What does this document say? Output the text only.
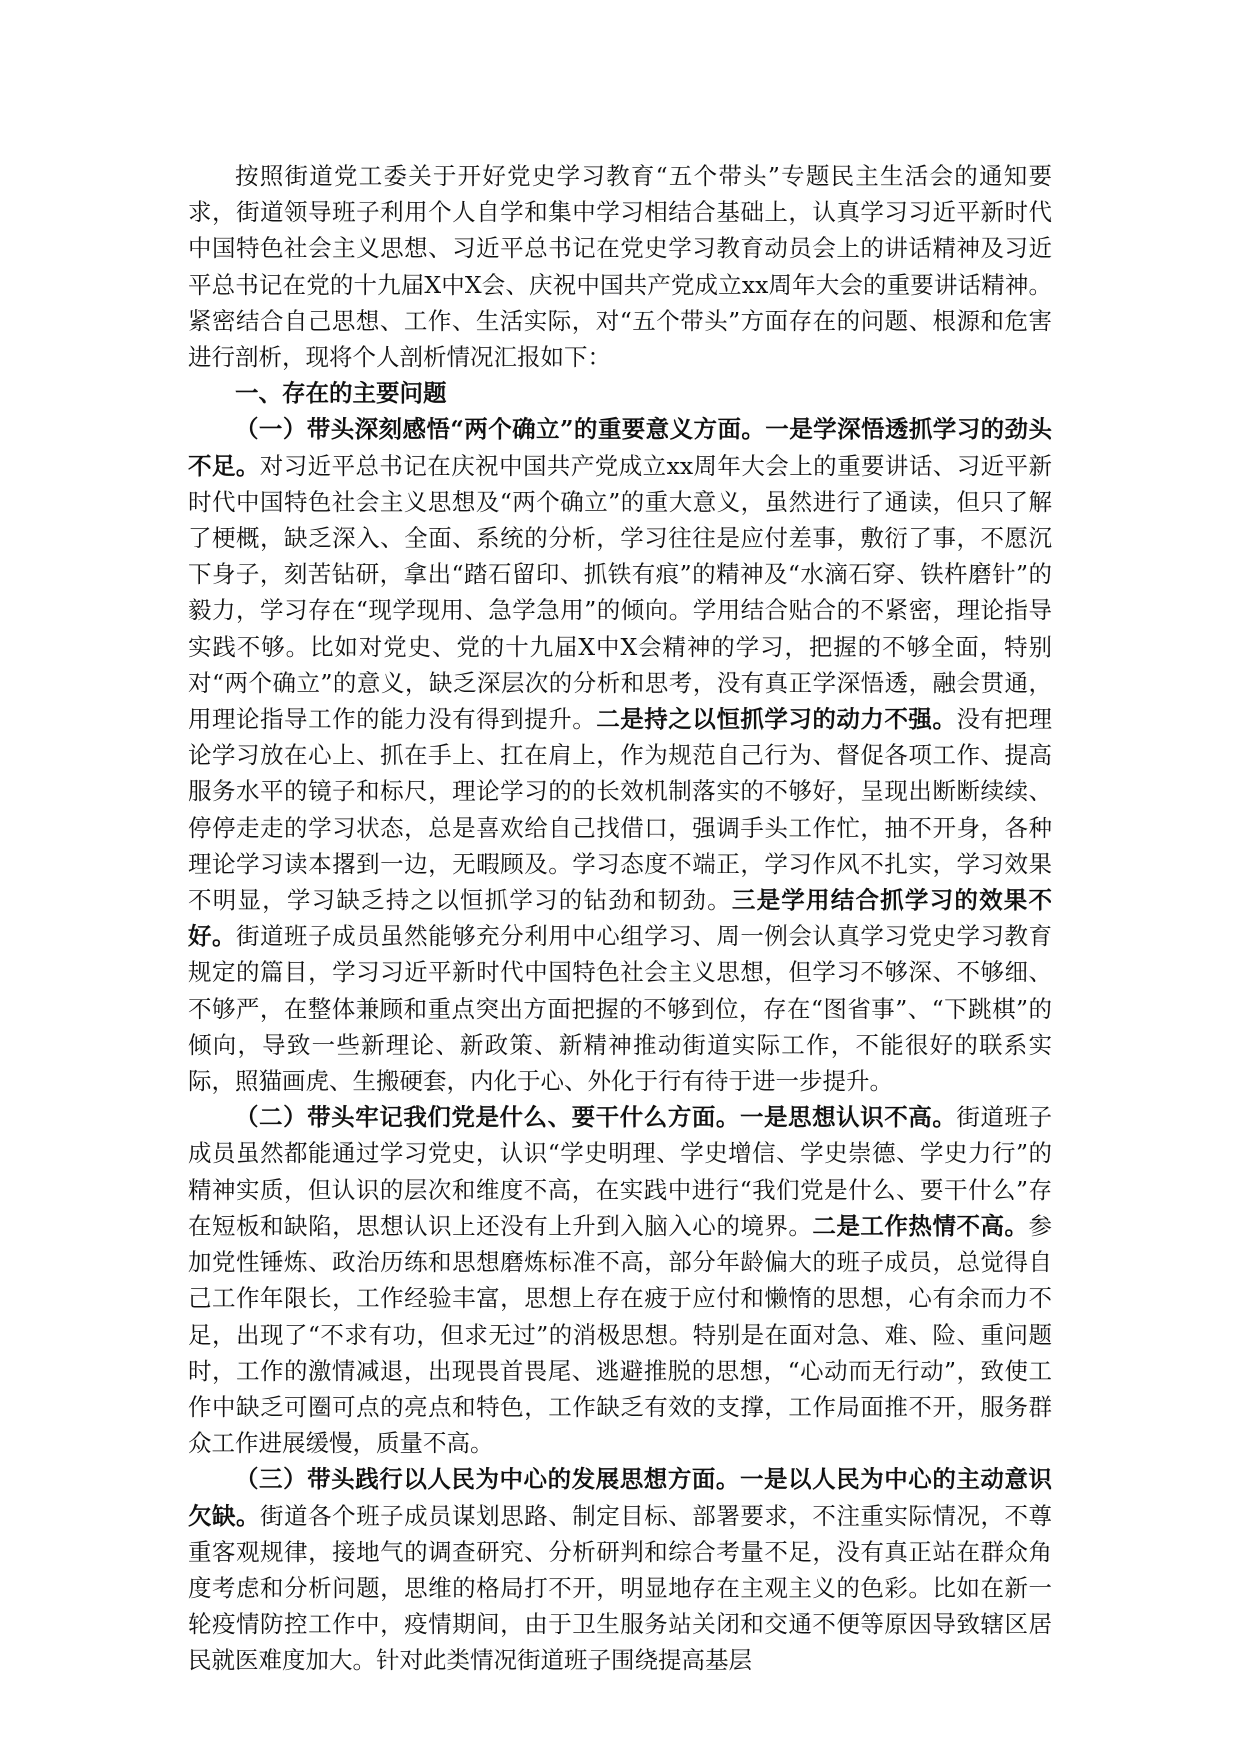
按照街道党工委关于开好党史学习教育“五个带头”专题民主生活会的通知要求，街道领导班子利用个人自学和集中学习相结合基础上，认真学习习近平新时代中国特色社会主义思想、习近平总书记在党史学习教育动员会上的讲话精神及习近平总书记在党的十九届X中X会、庆祝中国共产党成立xx周年大会的重要讲话精神。紧密结合自己思想、工作、生活实际，对“五个带头”方面存在的问题、根源和危害进行剖析，现将个人剖析情况汇报如下：

一、存在的主要问题

（一）带头深刻感悟“两个确立”的重要意义方面。一是学深悟透抓学习的劲头不足。对习近平总书记在庆祝中国共产党成立xx周年大会上的重要讲话、习近平新时代中国特色社会主义思想及“两个确立”的重大意义，虽然进行了通读，但只了解了梗概，缺乏深入、全面、系统的分析，学习往往是应付差事，敷衍了事，不愿沉下身子，刻苦钻研，拿出“踏石留印、抓铁有痕”的精神及“水滴石穿、铁杵磨针”的毅力，学习存在“现学现用、急学急用”的倾向。学用结合贴合的不紧密，理论指导实践不够。比如对党史、党的十九届X中X会精神的学习，把握的不够全面，特别对“两个确立”的意义，缺乏深层次的分析和思考，没有真正学深悟透，融会贯通，用理论指导工作的能力没有得到提升。二是持之以恒抓学习的动力不强。没有把理论学习放在心上、抓在手上、扛在肩上，作为规范自己行为、督促各项工作、提高服务水平的镜子和标尺，理论学习的的长效机制落实的不够好，呈现出断断续续、停停走走的学习状态，总是喜欢给自己找借口，强调手头工作忙，抽不开身，各种理论学习读本撂到一边，无暇顾及。学习态度不端正，学习作风不扎实，学习效果不明显，学习缺乏持之以恒抓学习的钻劲和韧劲。三是学用结合抓学习的效果不好。街道班子成员虽然能够充分利用中心组学习、周一例会认真学习党史学习教育规定的篇目，学习习近平新时代中国特色社会主义思想，但学习不够深、不够细、不够严，在整体兼顾和重点突出方面把握的不够到位，存在“图省事”、“下跳棋”的倾向，导致一些新理论、新政策、新精神推动街道实际工作，不能很好的联系实际，照猫画虎、生搬硬套，内化于心、外化于行有待于进一步提升。

（二）带头牢记我们党是什么、要干什么方面。一是思想认识不高。街道班子成员虽然都能通过学习党史，认识“学史明理、学史增信、学史崇德、学史力行”的精神实质，但认识的层次和维度不高，在实践中进行“我们党是什么、要干什么”存在短板和缺陷，思想认识上还没有上升到入脑入心的境界。二是工作热情不高。参加党性锤炼、政治历练和思想磨炼标准不高，部分年龄偏大的班子成员，总觉得自己工作年限长，工作经验丰富，思想上存在疲于应付和懒惰的思想，心有余而力不足，出现了“不求有功，但求无过”的消极思想。特别是在面对急、难、险、重问题时，工作的激情减退，出现畏首畏尾、逃避推脱的思想，“心动而无行动”，致使工作中缺乏可圈可点的亮点和特色，工作缺乏有效的支撑，工作局面推不开，服务群众工作进展缓慢，质量不高。

（三）带头践行以人民为中心的发展思想方面。一是以人民为中心的主动意识欠缺。街道各个班子成员谋划思路、制定目标、部署要求，不注重实际情况，不尊重客观规律，接地气的调查研究、分析研判和综合考量不足，没有真正站在群众角度考虑和分析问题，思维的格局打不开，明显地存在主观主义的色彩。比如在新一轮疫情防控工作中，疫情期间，由于卫生服务站关闭和交通不便等原因导致辖区居民就医难度加大。针对此类情况街道班子围绕提高基层
